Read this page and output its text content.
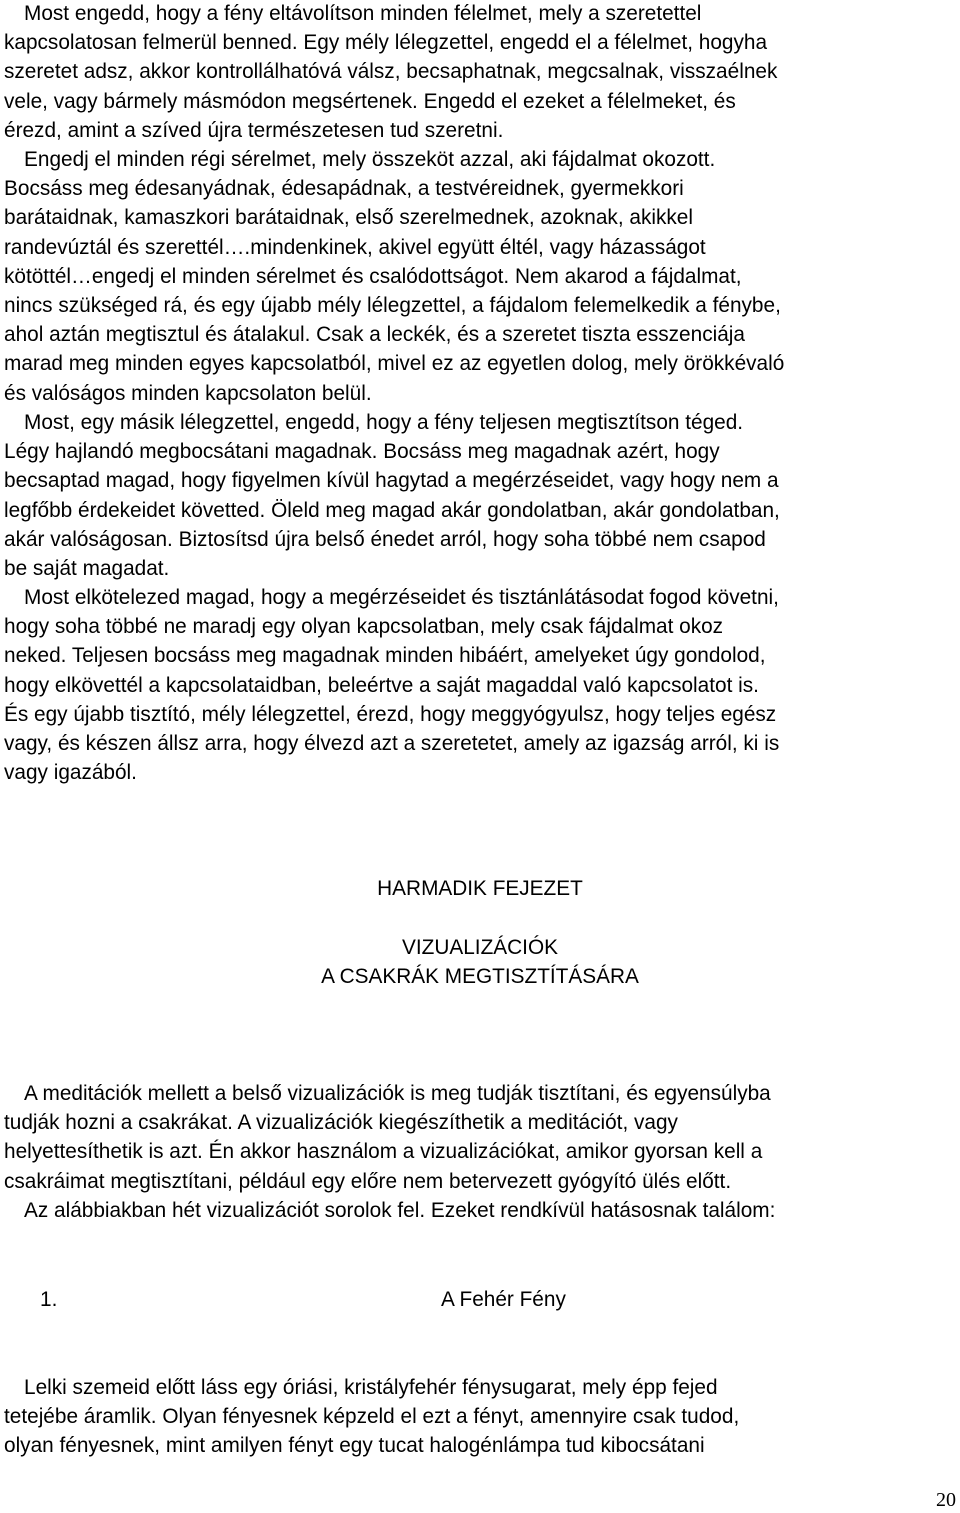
Most engedd, hogy a fény eltávolítson minden félelmet, mely a szeretettel
kapcsolatosan felmerül benned. Egy mély lélegzettel, engedd el a félelmet, hogyha
szeretet adsz, akkor kontrollálhatóvá válsz, becsaphatnak, megcsalnak, visszaélnek
vele, vagy bármely másmódon megsértenek. Engedd el ezeket a félelmeket, és
érezd, amint a szíved újra természetesen tud szeretni.
Engedj el minden régi sérelmet, mely összeköt azzal, aki fájdalmat okozott.
Bocsáss meg édesanyádnak, édesapádnak, a testvéreidnek, gyermekkori
barátaidnak, kamaszkori barátaidnak, első szerelmednek, azoknak, akikkel
randevúztál és szerettél….mindenkinek, akivel együtt éltél, vagy házasságot
kötöttél…engedj el minden sérelmet és csalódottságot. Nem akarod a fájdalmat,
nincs szükséged rá, és egy újabb mély lélegzettel, a fájdalom felemelkedik a fénybe,
ahol aztán megtisztul és átalakul. Csak a leckék, és a szeretet tiszta esszenciája
marad meg minden egyes kapcsolatból, mivel ez az egyetlen dolog, mely örökkévaló
és valóságos minden kapcsolaton belül.
Most, egy másik lélegzettel, engedd, hogy a fény teljesen megtisztítson téged.
Légy hajlandó megbocsátani magadnak. Bocsáss meg magadnak azért, hogy
becsaptad magad, hogy figyelmen kívül hagytad a megérzéseidet, vagy hogy nem a
legfőbb érdekeidet követted. Öleld meg magad akár gondolatban, akár gondolatban,
akár valóságosan. Biztosítsd újra belső énedet arról, hogy soha többé nem csapod
be saját magadat.
Most elkötelezed magad, hogy a megérzéseidet és tisztánlátásodat fogod követni,
hogy soha többé ne maradj egy olyan kapcsolatban, mely csak fájdalmat okoz
neked. Teljesen bocsáss meg magadnak minden hibáért, amelyeket úgy gondolod,
hogy elkövettél a kapcsolataidban, beleértve a saját magaddal való kapcsolatot is.
És egy újabb tisztító, mély lélegzettel, érezd, hogy meggyógyulsz, hogy teljes egész
vagy, és készen állsz arra, hogy élvezd azt a szeretetet, amely az igazság arról, ki is
vagy igazából.
HARMADIK FEJEZET
VIZUALIZÁCIÓK
A CSAKRÁK MEGTISZTÍTÁSÁRA
A meditációk mellett a belső vizualizációk is meg tudják tisztítani, és egyensúlyba
tudják hozni a csakrákat. A vizualizációk kiegészíthetik a meditációt, vagy
helyettesíthetik is azt. Én akkor használom a vizualizációkat, amikor gyorsan kell a
csakráimat megtisztítani, például egy előre nem betervezett gyógyító ülés előtt.
Az alábbiakban hét vizualizációt sorolok fel. Ezeket rendkívül hatásosnak találom:
1.	A Fehér Fény
Lelki szemeid előtt láss egy óriási, kristályfehér fénysugarat, mely épp fejed
tetejébe áramlik. Olyan fényesnek képzeld el ezt a fényt, amennyire csak tudod,
olyan fényesnek, mint amilyen fényt egy tucat halogénlámpa tud kibocsátani
20
